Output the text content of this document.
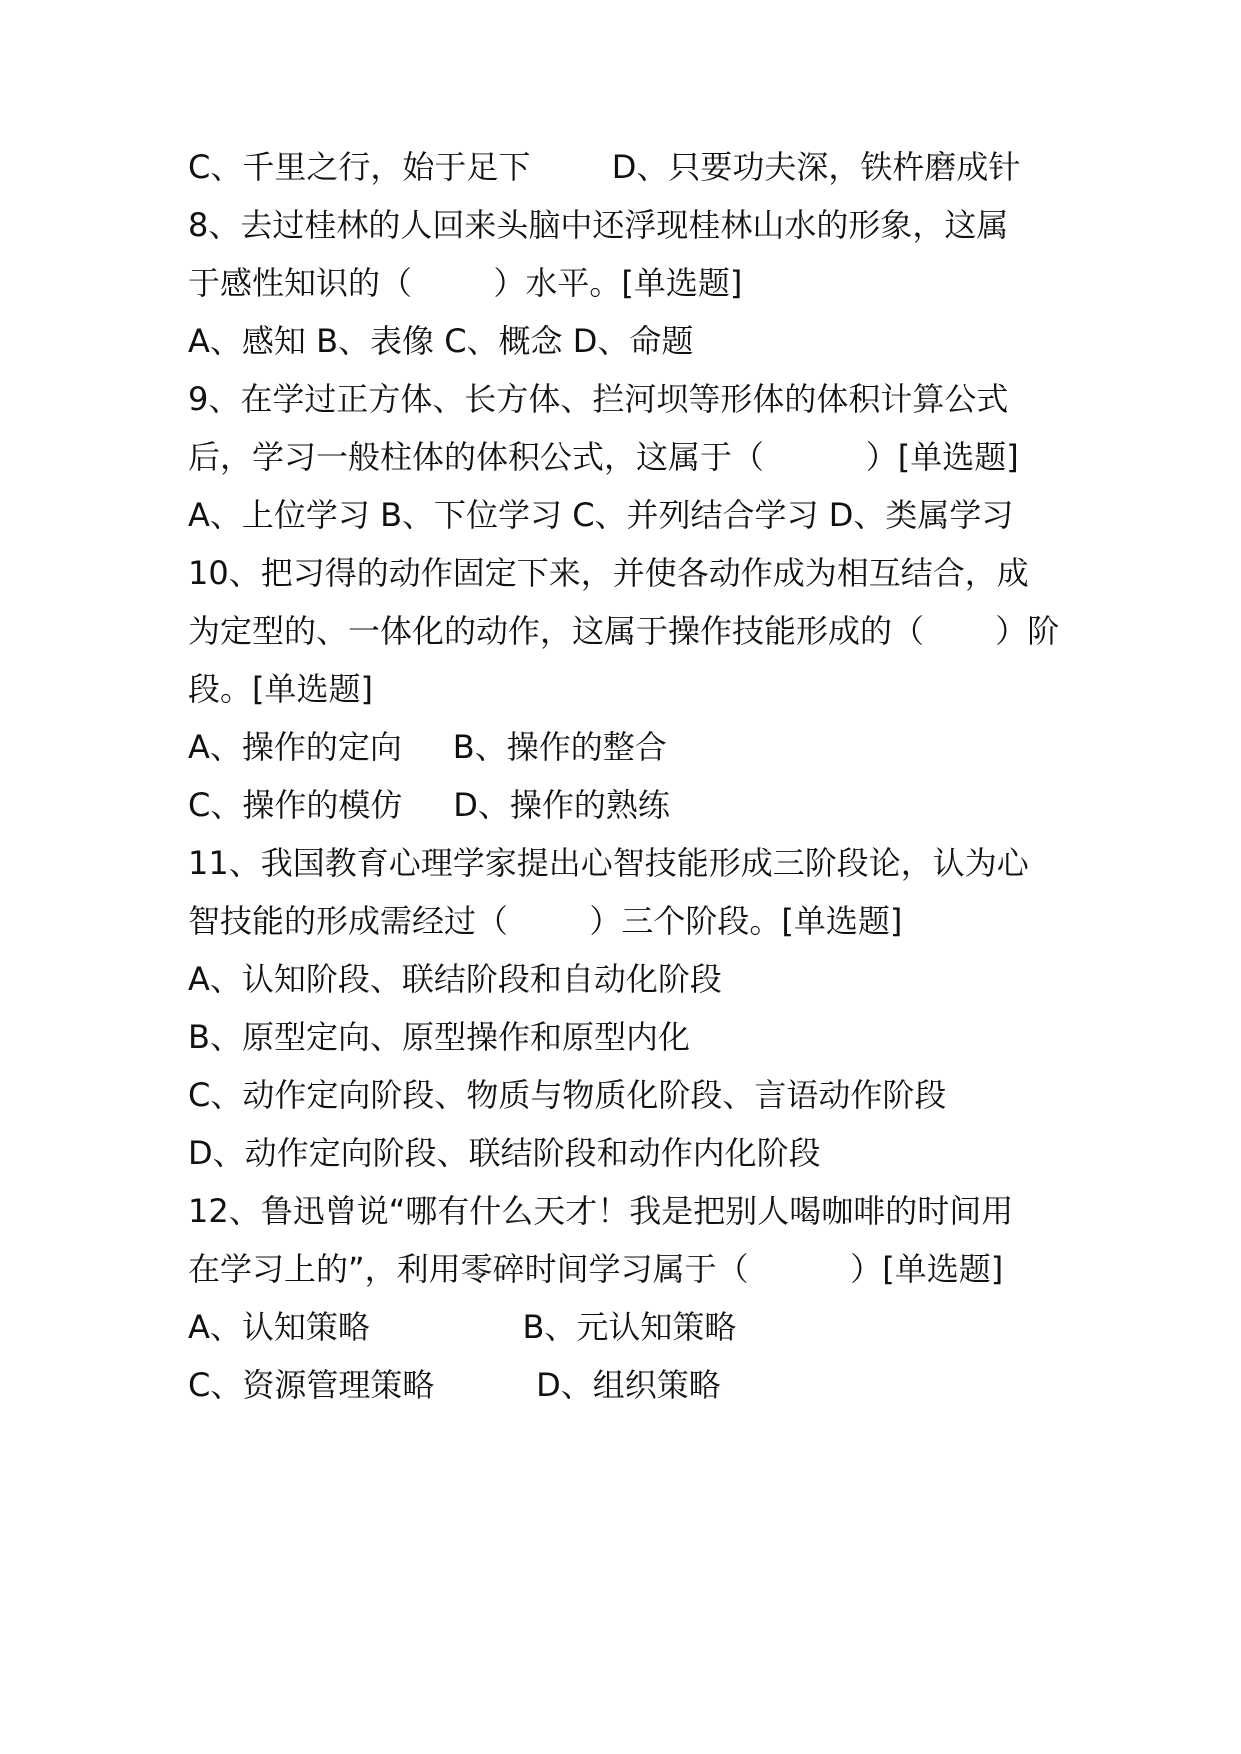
C、千里之行，始于足下        D、只要功夫深，铁杵磨成针
8、去过桂林的人回来头脑中还浮现桂林山水的形象，这属
于感性知识的（        ）水平。[单选题]
A、感知 B、表像 C、概念 D、命题
9、在学过正方体、长方体、拦河坝等形体的体积计算公式
后，学习一般柱体的体积公式，这属于（          ）[单选题]
A、上位学习 B、下位学习 C、并列结合学习 D、类属学习
10、把习得的动作固定下来，并使各动作成为相互结合，成
为定型的、一体化的动作，这属于操作技能形成的（       ）阶
段。[单选题]
A、操作的定向     B、操作的整合
C、操作的模仿     D、操作的熟练
11、我国教育心理学家提出心智技能形成三阶段论，认为心
智技能的形成需经过（        ）三个阶段。[单选题]
A、认知阶段、联结阶段和自动化阶段
B、原型定向、原型操作和原型内化
C、动作定向阶段、物质与物质化阶段、言语动作阶段
D、动作定向阶段、联结阶段和动作内化阶段
12、鲁迅曾说“哪有什么天才！我是把别人喝咖啡的时间用
在学习上的”，利用零碎时间学习属于（          ）[单选题]
A、认知策略               B、元认知策略
C、资源管理策略          D、组织策略
